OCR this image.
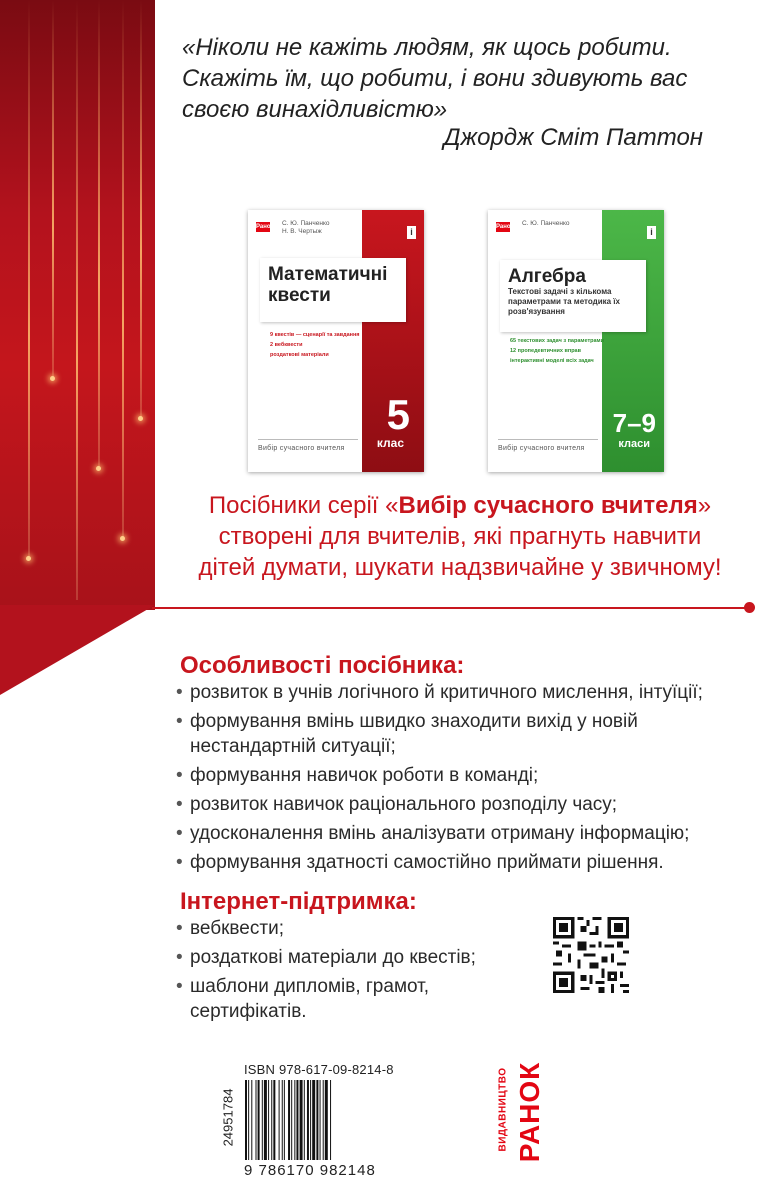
«Ніколи не кажіть людям, як щось робити.
Скажіть їм, що робити, і вони здивують вас
своєю винахідливістю»
Джордж Сміт Паттон
Ранок С. Ю. Панченко
Н. В. Чертыж	i
Математичні квести
9 квестів — сценарії та завдання
2 вебквести
роздаткові матеріали
5
клас
Вибір сучасного вчителя
Ранок С. Ю. Панченко
i
Алгебра
Текстові задачі з кількома параметрами та методика їх розв'язування
65 текстових задач з параметрами
12 пропедевтичних вправ
інтерактивні моделі всіх задач
7–9
класи
Вибір сучасного вчителя
Посібники серії «Вибір сучасного вчителя»
створені для вчителів, які прагнуть навчити
дітей думати, шукати надзвичайне у звичному!
Особливості посібника:
• розвиток в учнів логічного й критичного мислення, інтуїції;
• формування вмінь швидко знаходити вихід у новій нестандартній ситуації;
• формування навичок роботи в команді;
• розвиток навичок раціонального розподілу часу;
• удосконалення вмінь аналізувати отриману інформацію;
• формування здатності самостійно приймати рішення.
Інтернет-підтримка:
• вебквести;
• роздаткові матеріали до квестів;
• шаблони дипломів, грамот, сертифікатів.
24951784
ISBN 978-617-09-8214-8
9 786170 982148
ВИДАВНИЦТВО РАНОК
